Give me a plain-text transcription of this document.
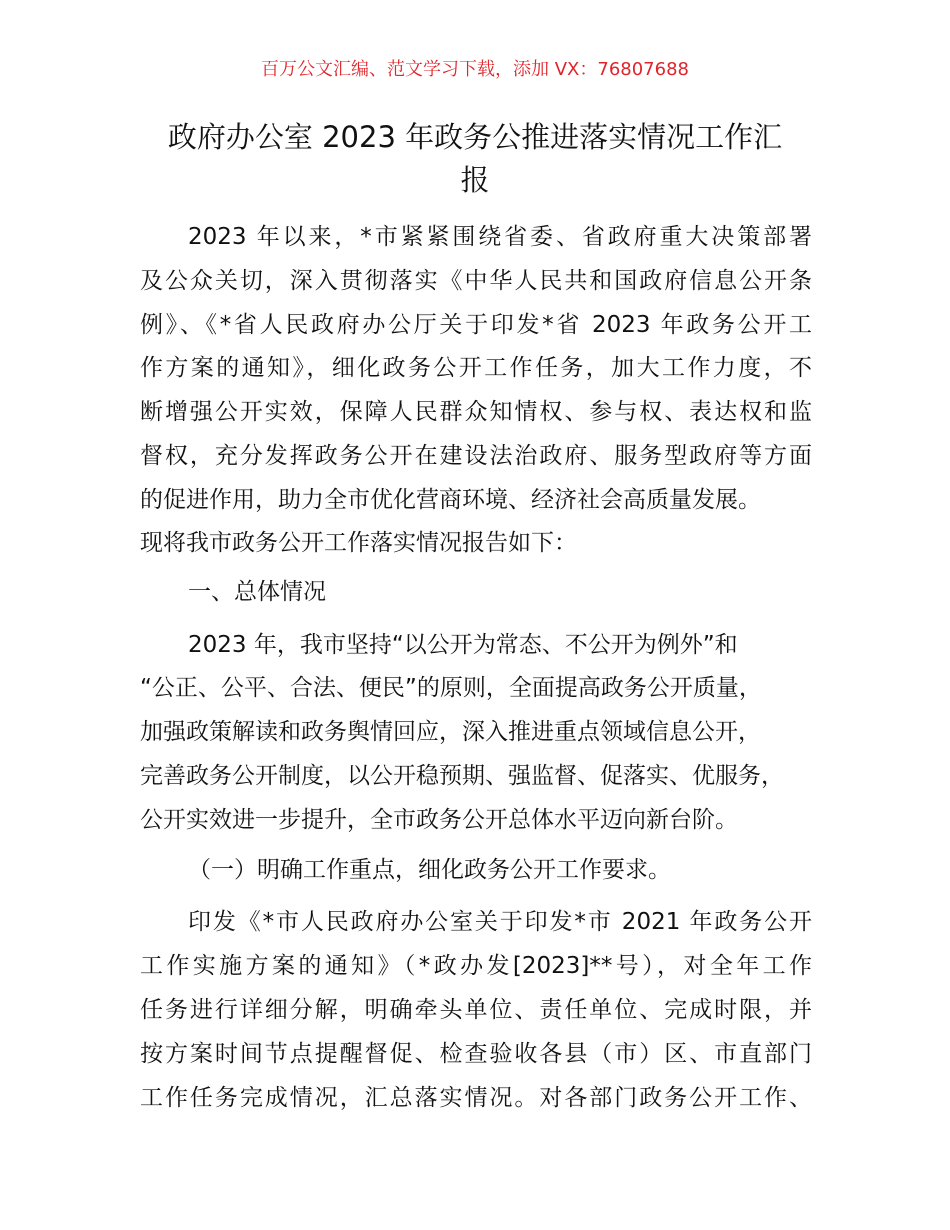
百万公文汇编、范文学习下载，添加 VX：76807688
政府办公室 2023 年政务公推进落实情况工作汇
报
2023 年以来，*市紧紧围绕省委、省政府重大决策部署
及公众关切，深入贯彻落实《中华人民共和国政府信息公开条
例》、《*省人民政府办公厅关于印发*省 2023 年政务公开工
作方案的通知》，细化政务公开工作任务，加大工作力度，不
断增强公开实效，保障人民群众知情权、参与权、表达权和监
督权，充分发挥政务公开在建设法治政府、服务型政府等方面
的促进作用，助力全市优化营商环境、经济社会高质量发展。
现将我市政务公开工作落实情况报告如下：
一、总体情况
2023 年，我市坚持“以公开为常态、不公开为例外”和
“公正、公平、合法、便民”的原则，全面提高政务公开质量，
加强政策解读和政务舆情回应，深入推进重点领域信息公开，
完善政务公开制度，以公开稳预期、强监督、促落实、优服务，
公开实效进一步提升，全市政务公开总体水平迈向新台阶。
（一）明确工作重点，细化政务公开工作要求。
印发《*市人民政府办公室关于印发*市 2021 年政务公开
工作实施方案的通知》（*政办发[2023]**号），对全年工作
任务进行详细分解，明确牵头单位、责任单位、完成时限，并
按方案时间节点提醒督促、检查验收各县（市）区、市直部门
工作任务完成情况，汇总落实情况。对各部门政务公开工作、
